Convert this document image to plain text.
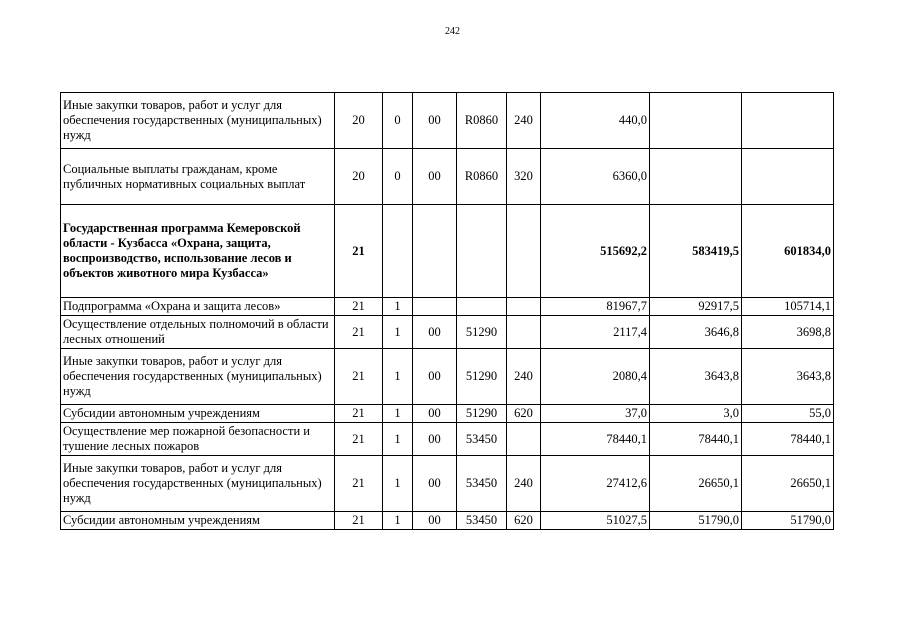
242
Иные закупки товаров, работ и услуг для обеспечения государственных (муниципальных) нужд	20	0	00	R0860	240	440,0		
Социальные выплаты гражданам, кроме публичных нормативных социальных выплат	20	0	00	R0860	320	6360,0		
Государственная программа Кемеровской области - Кузбасса «Охрана, защита, воспроизводство, использование лесов и объектов животного мира Кузбасса»	21					515692,2	583419,5	601834,0
Подпрограмма «Охрана и защита лесов»	21	1				81967,7	92917,5	105714,1
Осуществление отдельных полномочий в области лесных отношений	21	1	00	51290		2117,4	3646,8	3698,8
Иные закупки товаров, работ и услуг для обеспечения государственных (муниципальных) нужд	21	1	00	51290	240	2080,4	3643,8	3643,8
Субсидии автономным учреждениям	21	1	00	51290	620	37,0	3,0	55,0
Осуществление мер пожарной безопасности и тушение лесных пожаров	21	1	00	53450		78440,1	78440,1	78440,1
Иные закупки товаров, работ и услуг для обеспечения государственных (муниципальных) нужд	21	1	00	53450	240	27412,6	26650,1	26650,1
Субсидии автономным учреждениям	21	1	00	53450	620	51027,5	51790,0	51790,0
